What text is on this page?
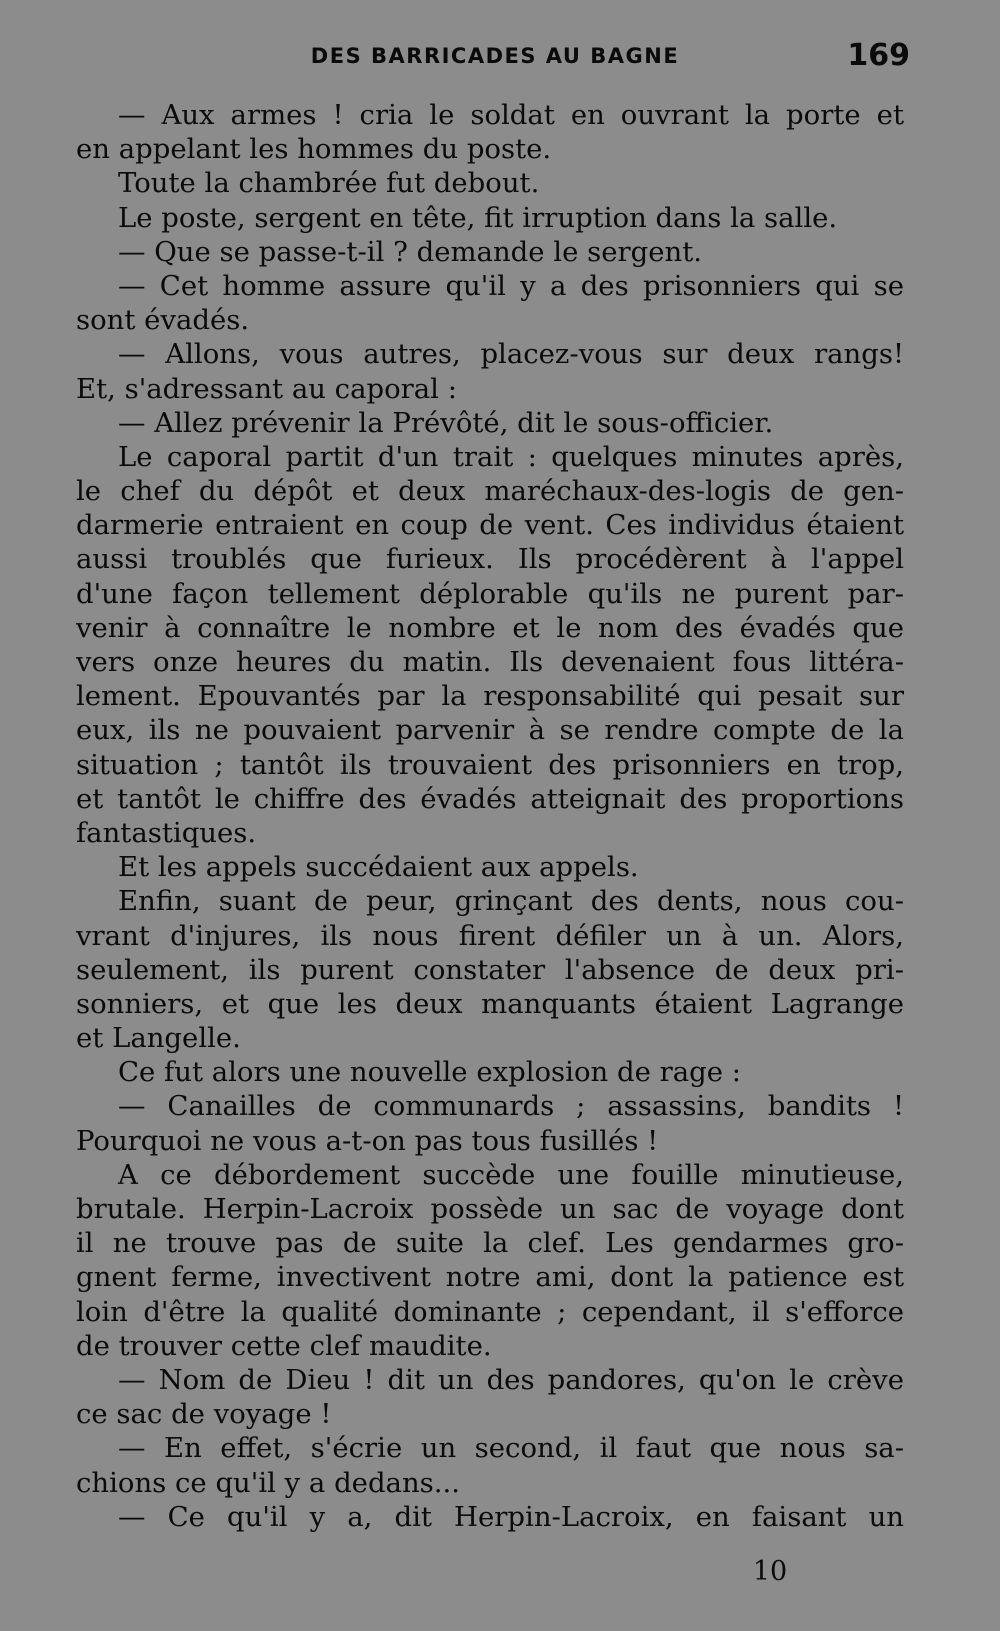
DES BARRICADES AU BAGNE	169
— Aux armes ! cria le soldat en ouvrant la porte et
en appelant les hommes du poste.
Toute la chambrée fut debout.
Le poste, sergent en tête, fit irruption dans la salle.
— Que se passe-t-il ? demande le sergent.
— Cet homme assure qu'il y a des prisonniers qui se
sont évadés.
— Allons, vous autres, placez-vous sur deux rangs!
Et, s'adressant au caporal :
— Allez prévenir la Prévôté, dit le sous-officier.
Le caporal partit d'un trait : quelques minutes après,
le chef du dépôt et deux maréchaux-des-logis de gen-
darmerie entraient en coup de vent. Ces individus étaient
aussi troublés que furieux. Ils procédèrent à l'appel
d'une façon tellement déplorable qu'ils ne purent par-
venir à connaître le nombre et le nom des évadés que
vers onze heures du matin. Ils devenaient fous littéra-
lement. Epouvantés par la responsabilité qui pesait sur
eux, ils ne pouvaient parvenir à se rendre compte de la
situation ; tantôt ils trouvaient des prisonniers en trop,
et tantôt le chiffre des évadés atteignait des proportions
fantastiques.
Et les appels succédaient aux appels.
Enfin, suant de peur, grinçant des dents, nous cou-
vrant d'injures, ils nous firent défiler un à un. Alors,
seulement, ils purent constater l'absence de deux pri-
sonniers, et que les deux manquants étaient Lagrange
et Langelle.
Ce fut alors une nouvelle explosion de rage :
— Canailles de communards ; assassins, bandits !
Pourquoi ne vous a-t-on pas tous fusillés !
A ce débordement succède une fouille minutieuse,
brutale. Herpin-Lacroix possède un sac de voyage dont
il ne trouve pas de suite la clef. Les gendarmes gro-
gnent ferme, invectivent notre ami, dont la patience est
loin d'être la qualité dominante ; cependant, il s'efforce
de trouver cette clef maudite.
— Nom de Dieu ! dit un des pandores, qu'on le crève
ce sac de voyage !
— En effet, s'écrie un second, il faut que nous sa-
chions ce qu'il y a dedans...
— Ce qu'il y a, dit Herpin-Lacroix, en faisant un
10
